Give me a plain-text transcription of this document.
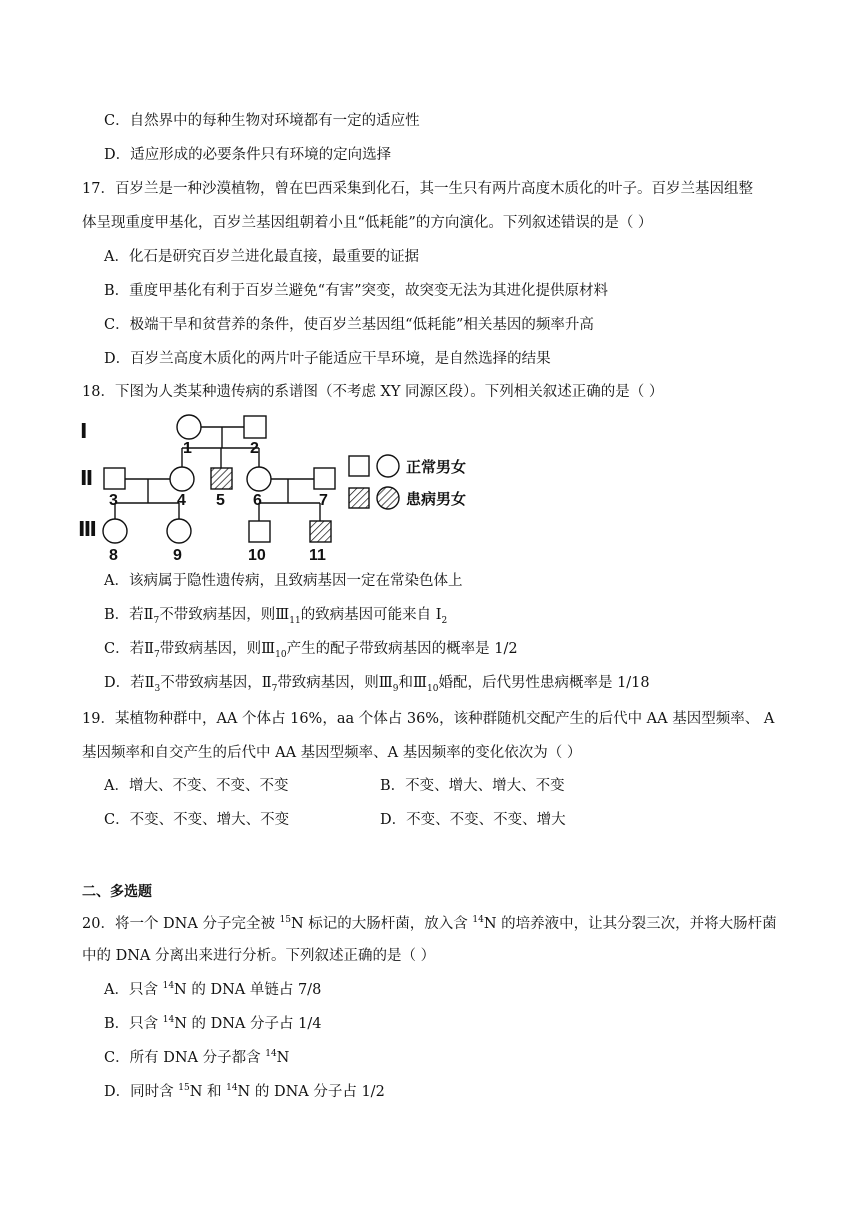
C．自然界中的每种生物对环境都有一定的适应性
D．适应形成的必要条件只有环境的定向选择
17．百岁兰是一种沙漠植物，曾在巴西采集到化石，其一生只有两片高度木质化的叶子。百岁兰基因组整
体呈现重度甲基化，百岁兰基因组朝着小且“低耗能”的方向演化。下列叙述错误的是（ ）
A．化石是研究百岁兰进化最直接，最重要的证据
B．重度甲基化有利于百岁兰避免“有害”突变，故突变无法为其进化提供原材料
C．极端干旱和贫营养的条件，使百岁兰基因组“低耗能”相关基因的频率升高
D．百岁兰高度木质化的两片叶子能适应干旱环境，是自然选择的结果
18．下图为人类某种遗传病的系谱图（不考虑 XY 同源区段）。下列相关叙述正确的是（ ）
Ⅰ
Ⅱ
Ⅲ
1	2
3	4 5 6	7
8	9	10	11
正常男女
患病男女
A．该病属于隐性遗传病，且致病基因一定在常染色体上
B．若$Ⅱ_7$不带致病基因，则$Ⅲ_{11}$的致病基因可能来自 $I_2$
C．若$Ⅱ_7$带致病基因，则$Ⅲ_{10}$产生的配子带致病基因的概率是 1/2
D．若$Ⅱ_3$不带致病基因，$Ⅱ_7$带致病基因，则$Ⅲ_9$和$Ⅲ_{10}$婚配，后代男性患病概率是 1/18
19．某植物种群中，AA 个体占 16%，aa 个体占 36%，该种群随机交配产生的后代中 AA 基因型频率、 A
基因频率和自交产生的后代中 AA 基因型频率、A 基因频率的变化依次为（ ）
A．增大、不变、不变、不变	B．不变、增大、增大、不变
C．不变、不变、增大、不变	D．不变、不变、不变、增大
二、多选题
20．将一个 DNA 分子完全被 $^{15}$N 标记的大肠杆菌，放入含 $^{14}$N 的培养液中，让其分裂三次，并将大肠杆菌
中的 DNA 分离出来进行分析。下列叙述正确的是（ ）
A．只含 $^{14}$N 的 DNA 单链占 7/8
B．只含 $^{14}$N 的 DNA 分子占 1/4
C．所有 DNA 分子都含 $^{14}$N
D．同时含 $^{15}$N 和 $^{14}$N 的 DNA 分子占 1/2
